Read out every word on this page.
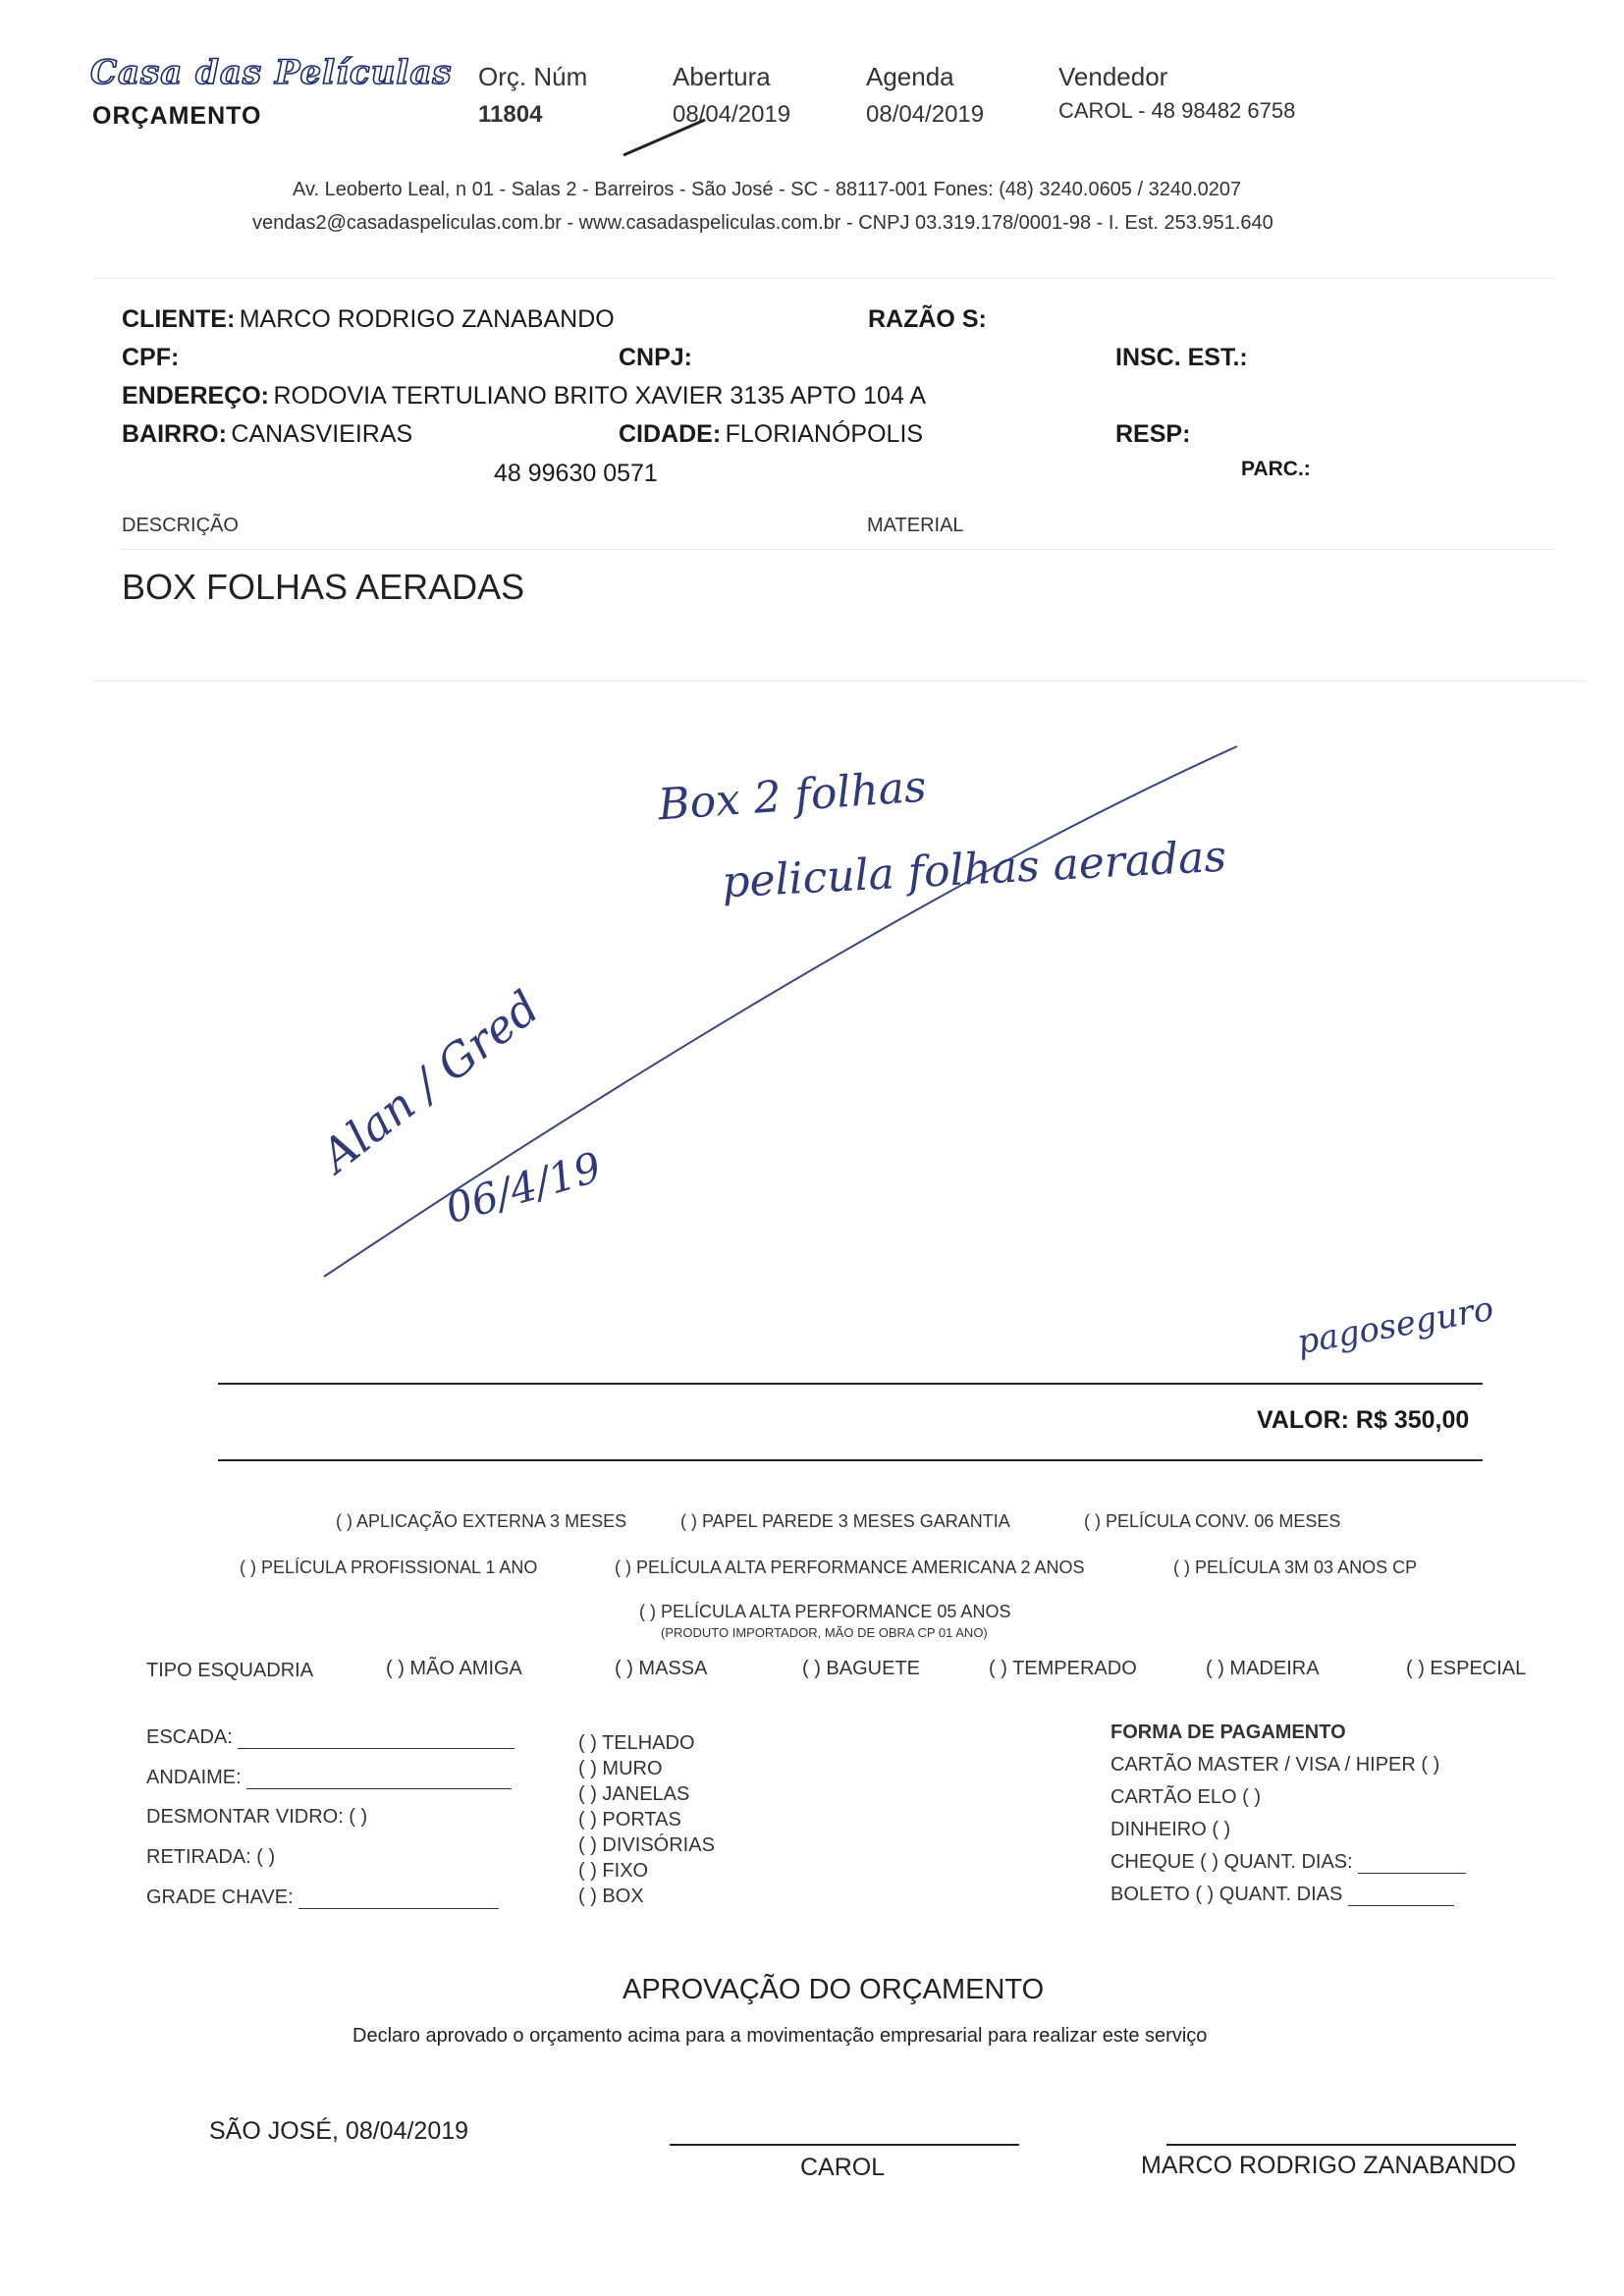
Casa das Películas
ORÇAMENTO
Orç. Núm
11804
Abertura
08/04/2019
Agenda
08/04/2019
Vendedor
CAROL - 48 98482 6758
Av. Leoberto Leal, n 01 - Salas 2 - Barreiros - São José - SC - 88117-001 Fones: (48) 3240.0605 / 3240.0207
vendas2@casadaspeliculas.com.br - www.casadaspeliculas.com.br - CNPJ 03.319.178/0001-98 - I. Est. 253.951.640
CLIENTE: MARCO RODRIGO ZANABANDO	RAZÃO S:
CPF:	CNPJ:	INSC. EST.:
ENDEREÇO: RODOVIA TERTULIANO BRITO XAVIER 3135 APTO 104 A
BAIRRO: CANASVIEIRAS	CIDADE: FLORIANÓPOLIS	RESP:
48 99630 0571	PARC.:
DESCRIÇÃO	MATERIAL
BOX FOLHAS AERADAS
Box 2 folhas
pelicula folhas aeradas
Alan / Gred
06/4/19
pagoseguro
VALOR: R$ 350,00
( ) APLICAÇÃO EXTERNA 3 MESES	( ) PAPEL PAREDE 3 MESES GARANTIA	( ) PELÍCULA CONV. 06 MESES
( ) PELÍCULA PROFISSIONAL 1 ANO	( ) PELÍCULA ALTA PERFORMANCE AMERICANA 2 ANOS	( ) PELÍCULA 3M 03 ANOS CP
( ) PELÍCULA ALTA PERFORMANCE 05 ANOS
(PRODUTO IMPORTADOR, MÃO DE OBRA CP 01 ANO)
TIPO ESQUADRIA	( ) MÃO AMIGA	( ) MASSA	( ) BAGUETE	( ) TEMPERADO	( ) MADEIRA	( ) ESPECIAL
ESCADA:
ANDAIME:
DESMONTAR VIDRO: ( )
RETIRADA: ( )
GRADE CHAVE:
( ) TELHADO
( ) MURO
( ) JANELAS
( ) PORTAS
( ) DIVISÓRIAS
( ) FIXO
( ) BOX
FORMA DE PAGAMENTO
CARTÃO MASTER / VISA / HIPER ( )
CARTÃO ELO ( )
DINHEIRO ( )
CHEQUE ( ) QUANT. DIAS:
BOLETO ( ) QUANT. DIAS
APROVAÇÃO DO ORÇAMENTO
Declaro aprovado o orçamento acima para a movimentação empresarial para realizar este serviço
SÃO JOSÉ, 08/04/2019
CAROL	MARCO RODRIGO ZANABANDO
